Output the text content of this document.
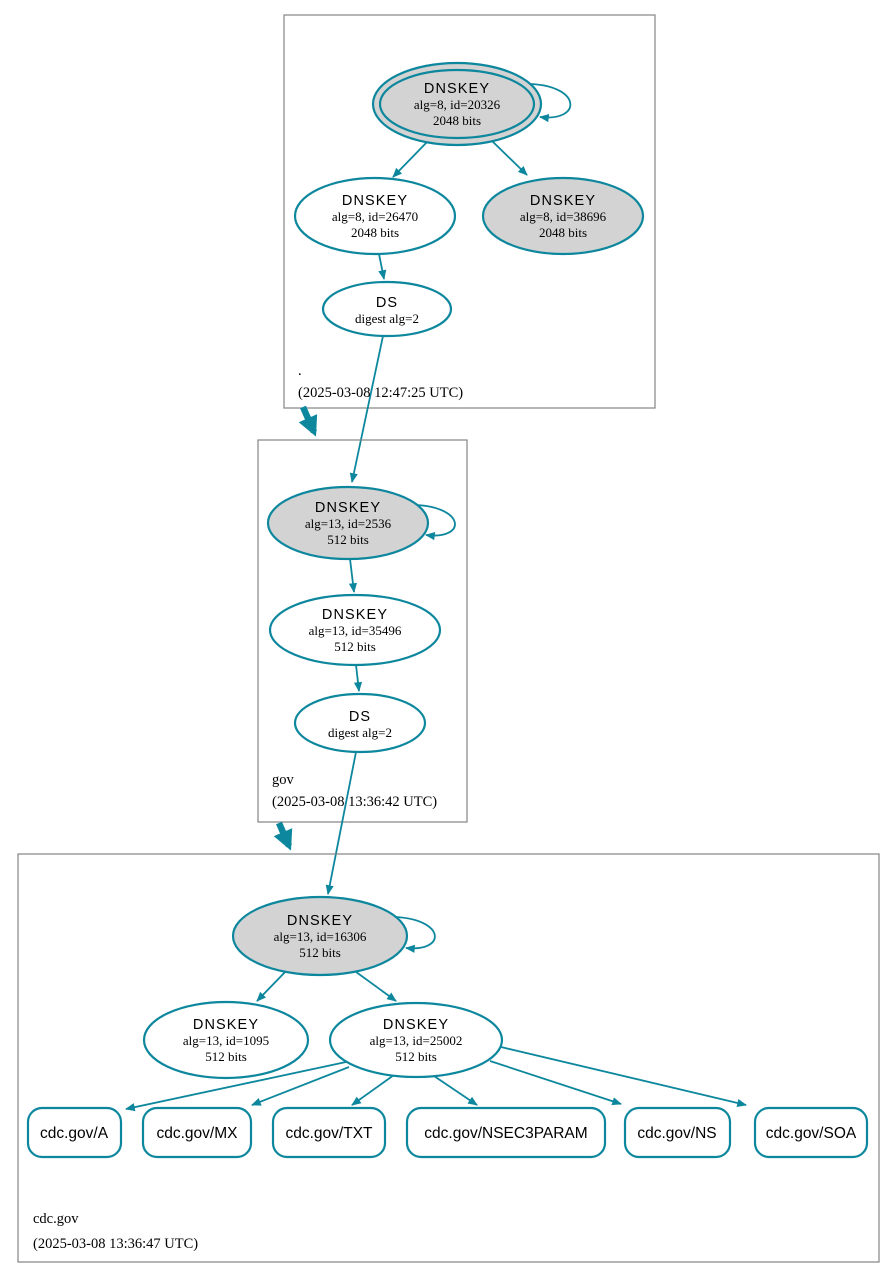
DNSKEY
alg=8, id=20326
2048 bits
DNSKEY
alg=8, id=26470
2048 bits
DNSKEY
alg=8, id=38696
2048 bits
DS
digest alg=2
.
(2025-03-08 12:47:25 UTC)
DNSKEY
alg=13, id=2536
512 bits
DNSKEY
alg=13, id=35496
512 bits
DS
digest alg=2
gov
(2025-03-08 13:36:42 UTC)
DNSKEY
alg=13, id=16306
512 bits
DNSKEY
alg=13, id=1095
512 bits
DNSKEY
alg=13, id=25002
512 bits
cdc.gov/A	cdc.gov/MX	cdc.gov/TXT	cdc.gov/NSEC3PARAM	cdc.gov/NS	cdc.gov/SOA
cdc.gov
(2025-03-08 13:36:47 UTC)
